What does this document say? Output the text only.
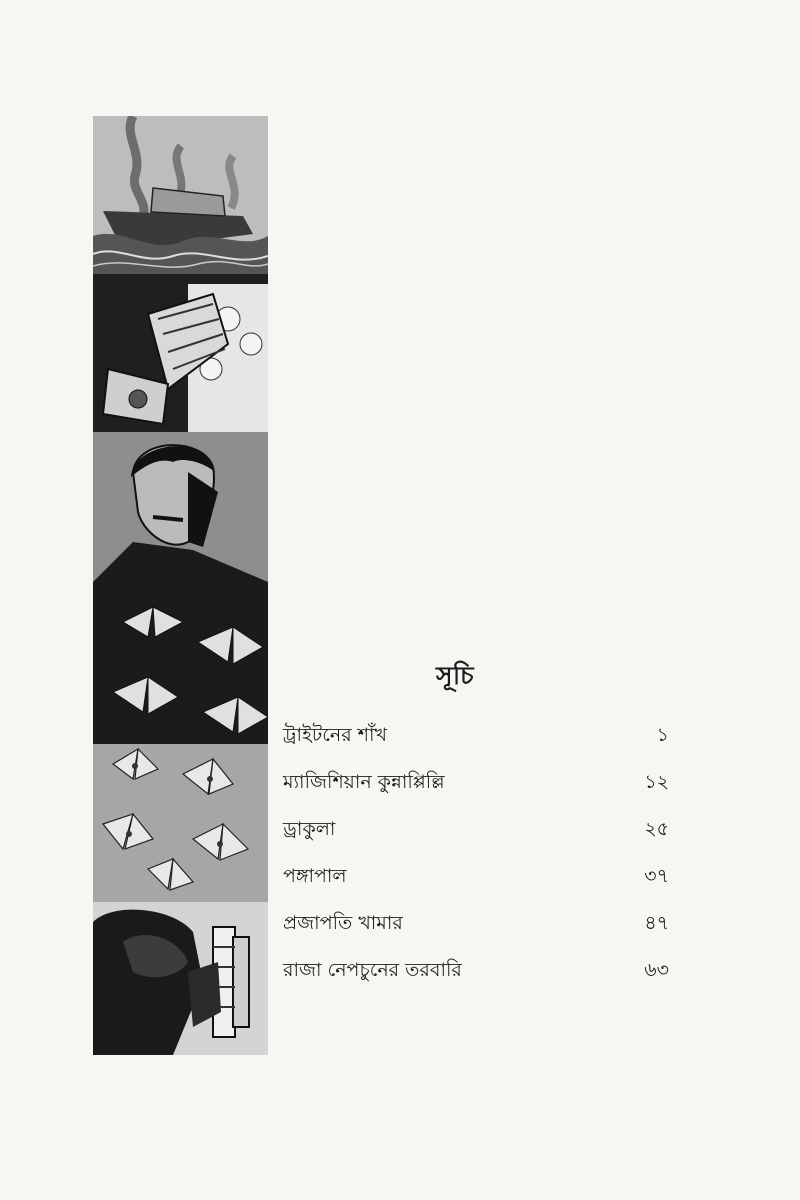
সূচি
ট্রাইটনের শাঁখ	১
ম্যাজিশিয়ান কুন্নাপ্পিল্লি	১২
ড্রাকুলা	২৫
পঙ্গাপাল	৩৭
প্রজাপতি খামার	৪৭
রাজা নেপচুনের তরবারি	৬৩
